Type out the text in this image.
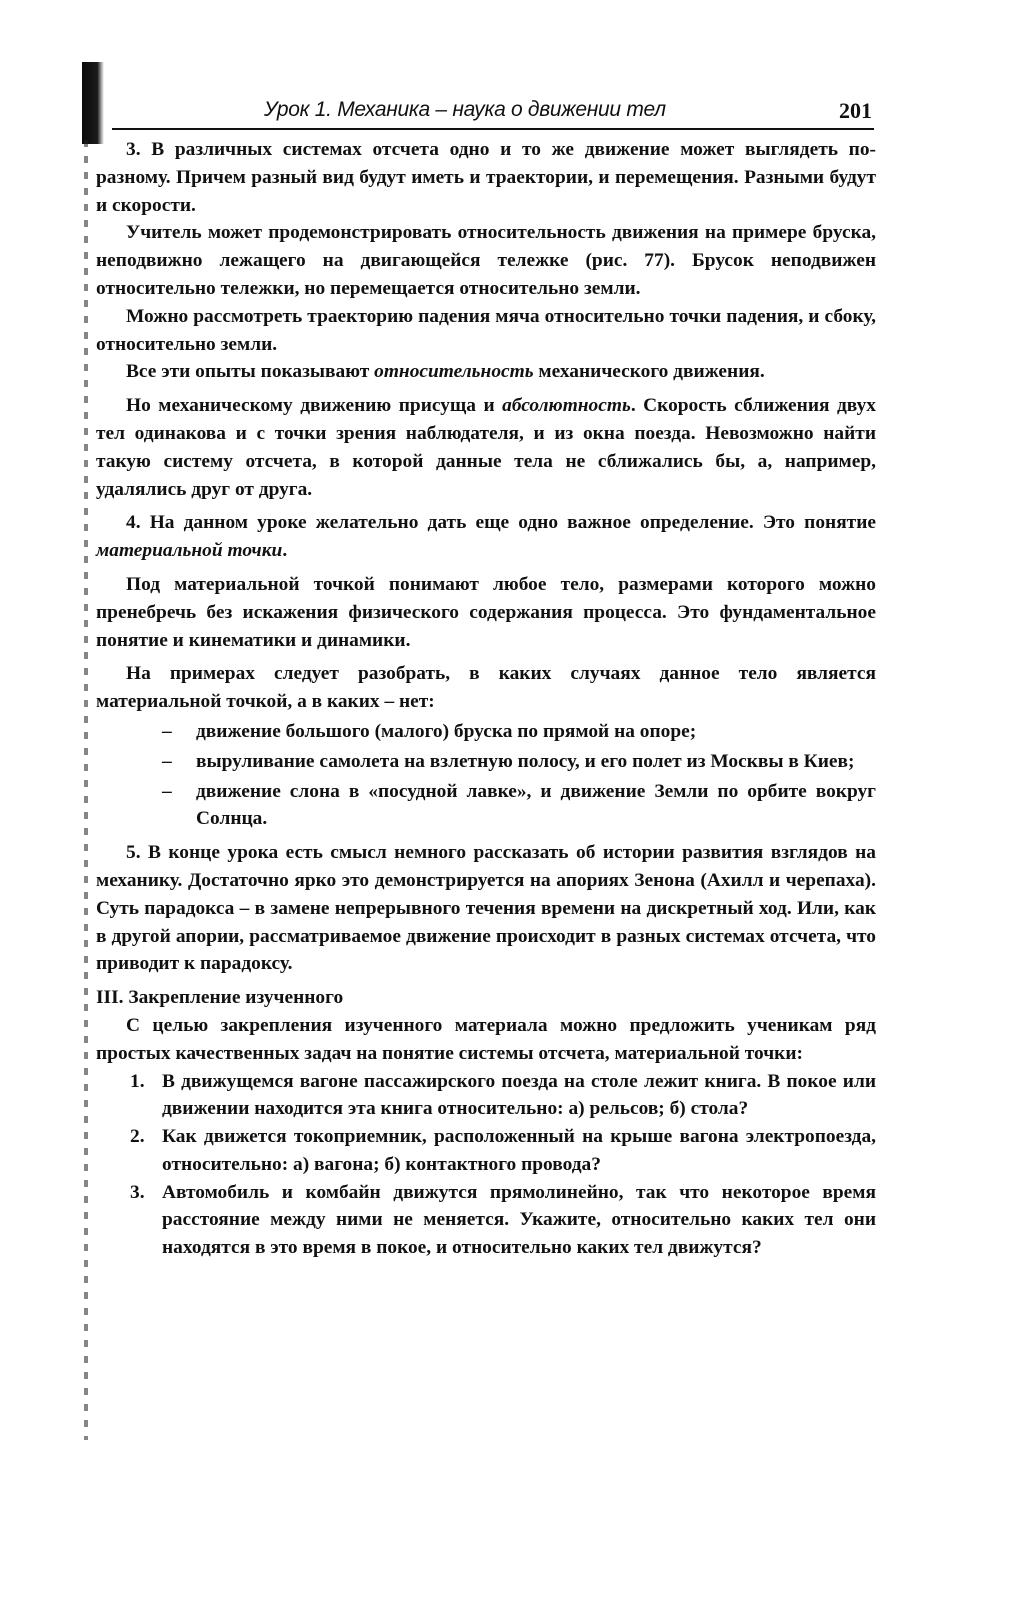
Урок 1. Механика – наука о движении тел	201

3. В различных системах отсчета одно и то же движение может выглядеть по-разному. Причем разный вид будут иметь и траектории, и перемещения. Разными будут и скорости.

Учитель может продемонстрировать относительность движения на примере бруска, неподвижно лежащего на двигающейся тележке (рис. 77). Брусок неподвижен относительно тележки, но перемещается относительно земли.

Можно рассмотреть траекторию падения мяча относительно точки падения, и сбоку, относительно земли.

Все эти опыты показывают относительность механического движения.

Но механическому движению присуща и абсолютность. Скорость сближения двух тел одинакова и с точки зрения наблюдателя, и из окна поезда. Невозможно найти такую систему отсчета, в которой данные тела не сближались бы, а, например, удалялись друг от друга.

4. На данном уроке желательно дать еще одно важное определение. Это понятие материальной точки.

Под материальной точкой понимают любое тело, размерами которого можно пренебречь без искажения физического содержания процесса. Это фундаментальное понятие и кинематики и динамики.

На примерах следует разобрать, в каких случаях данное тело является материальной точкой, а в каких – нет:

– движение большого (малого) бруска по прямой на опоре;
– выруливание самолета на взлетную полосу, и его полет из Москвы в Киев;
– движение слона в «посудной лавке», и движение Земли по орбите вокруг Солнца.

5. В конце урока есть смысл немного рассказать об истории развития взглядов на механику. Достаточно ярко это демонстрируется на апориях Зенона (Ахилл и черепаха). Суть парадокса – в замене непрерывного течения времени на дискретный ход. Или, как в другой апории, рассматриваемое движение происходит в разных системах отсчета, что приводит к парадоксу.

III. Закрепление изученного

С целью закрепления изученного материала можно предложить ученикам ряд простых качественных задач на понятие системы отсчета, материальной точки:

1. В движущемся вагоне пассажирского поезда на столе лежит книга. В покое или движении находится эта книга относительно: а) рельсов; б) стола?
2. Как движется токоприемник, расположенный на крыше вагона электропоезда, относительно: а) вагона; б) контактного провода?
3. Автомобиль и комбайн движутся прямолинейно, так что некоторое время расстояние между ними не меняется. Укажите, относительно каких тел они находятся в это время в покое, и относительно каких тел движутся?
